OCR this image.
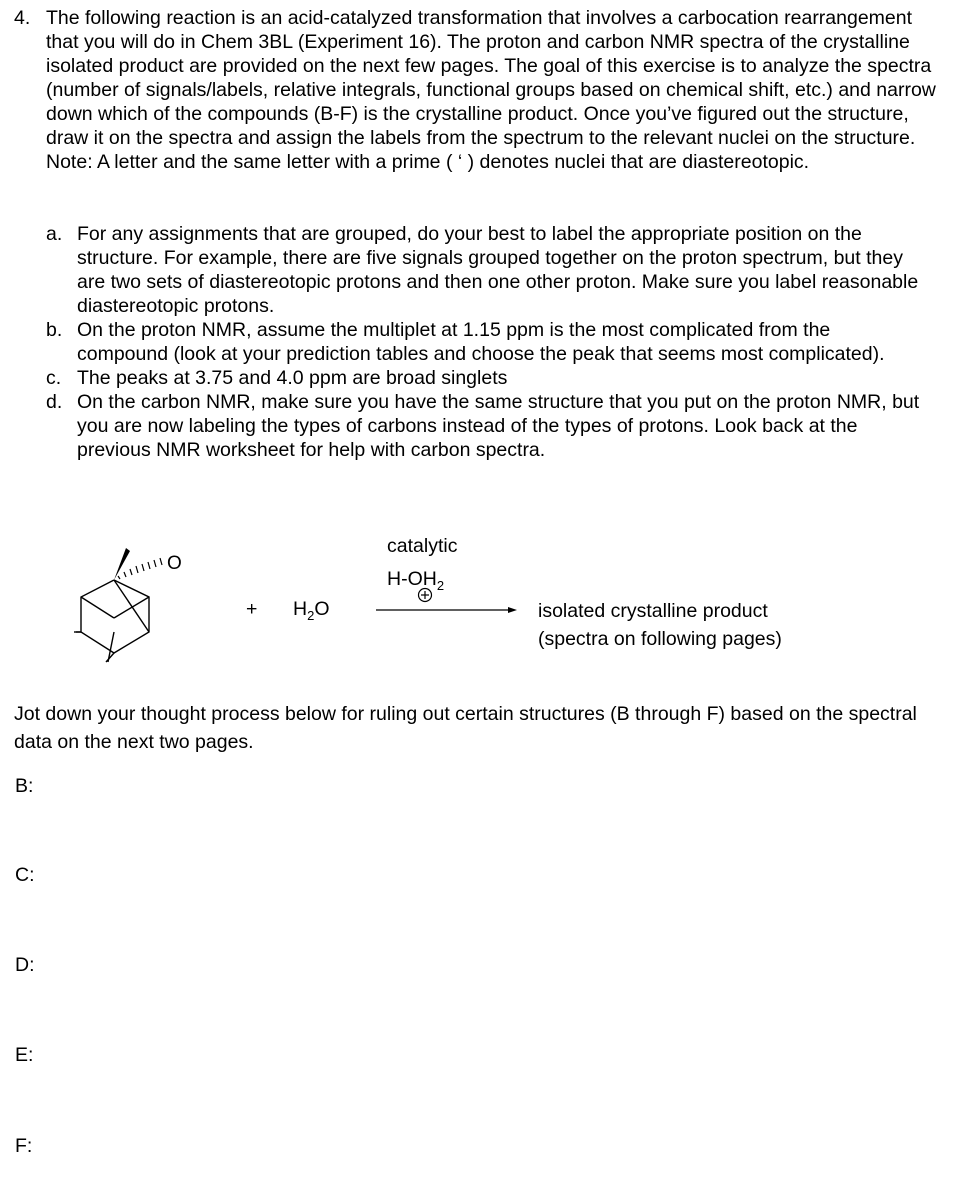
4. The following reaction is an acid-catalyzed transformation that involves a carbocation rearrangement that you will do in Chem 3BL (Experiment 16). The proton and carbon NMR spectra of the crystalline isolated product are provided on the next few pages. The goal of this exercise is to analyze the spectra (number of signals/labels, relative integrals, functional groups based on chemical shift, etc.) and narrow down which of the compounds (B-F) is the crystalline product. Once you’ve figured out the structure, draw it on the spectra and assign the labels from the spectrum to the relevant nuclei on the structure.
Note: A letter and the same letter with a prime ( ‘ ) denotes nuclei that are diastereotopic.
a. For any assignments that are grouped, do your best to label the appropriate position on the structure. For example, there are five signals grouped together on the proton spectrum, but they are two sets of diastereotopic protons and then one other proton. Make sure you label reasonable diastereotopic protons.
b. On the proton NMR, assume the multiplet at 1.15 ppm is the most complicated from the compound (look at your prediction tables and choose the peak that seems most complicated).
c. The peaks at 3.75 and 4.0 ppm are broad singlets
d. On the carbon NMR, make sure you have the same structure that you put on the proton NMR, but you are now labeling the types of carbons instead of the types of protons. Look back at the previous NMR worksheet for help with carbon spectra.
O
+ $H_2O$
catalytic
$H-OH_2$
isolated crystalline product
(spectra on following pages)
Jot down your thought process below for ruling out certain structures (B through F) based on the spectral data on the next two pages.
B:
C:
D:
E:
F:
